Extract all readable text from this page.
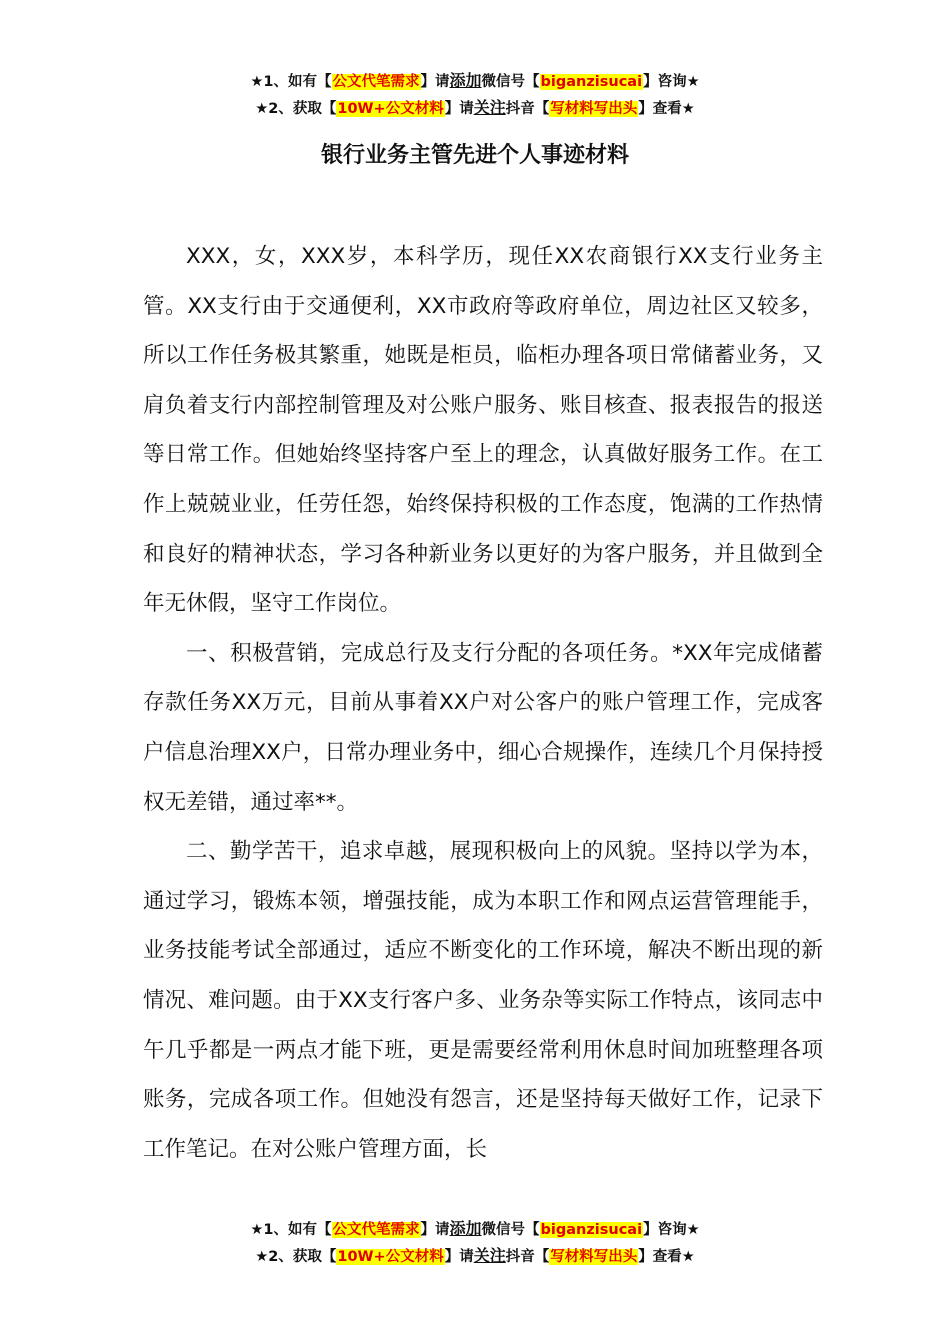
★1、如有【公文代笔需求】请添加微信号【biganzisucai】咨询★
★2、获取【10W+公文材料】请关注抖音【写材料写出头】查看★
银行业务主管先进个人事迹材料

XXX，女，XXX岁，本科学历，现任XX农商银行XX支行业务主管。XX支行由于交通便利，XX市政府等政府单位，周边社区又较多，所以工作任务极其繁重，她既是柜员，临柜办理各项日常储蓄业务，又肩负着支行内部控制管理及对公账户服务、账目核查、报表报告的报送等日常工作。但她始终坚持客户至上的理念，认真做好服务工作。在工作上兢兢业业，任劳任怨，始终保持积极的工作态度，饱满的工作热情和良好的精神状态，学习各种新业务以更好的为客户服务，并且做到全年无休假，坚守工作岗位。

一、积极营销，完成总行及支行分配的各项任务。*XX年完成储蓄存款任务XX万元，目前从事着XX户对公客户的账户管理工作，完成客户信息治理XX户，日常办理业务中，细心合规操作，连续几个月保持授权无差错，通过率**。

二、勤学苦干，追求卓越，展现积极向上的风貌。坚持以学为本，通过学习，锻炼本领，增强技能，成为本职工作和网点运营管理能手，业务技能考试全部通过，适应不断变化的工作环境，解决不断出现的新情况、难问题。由于XX支行客户多、业务杂等实际工作特点，该同志中午几乎都是一两点才能下班，更是需要经常利用休息时间加班整理各项账务，完成各项工作。但她没有怨言，还是坚持每天做好工作，记录下工作笔记。在对公账户管理方面，长

★1、如有【公文代笔需求】请添加微信号【biganzisucai】咨询★
★2、获取【10W+公文材料】请关注抖音【写材料写出头】查看★
